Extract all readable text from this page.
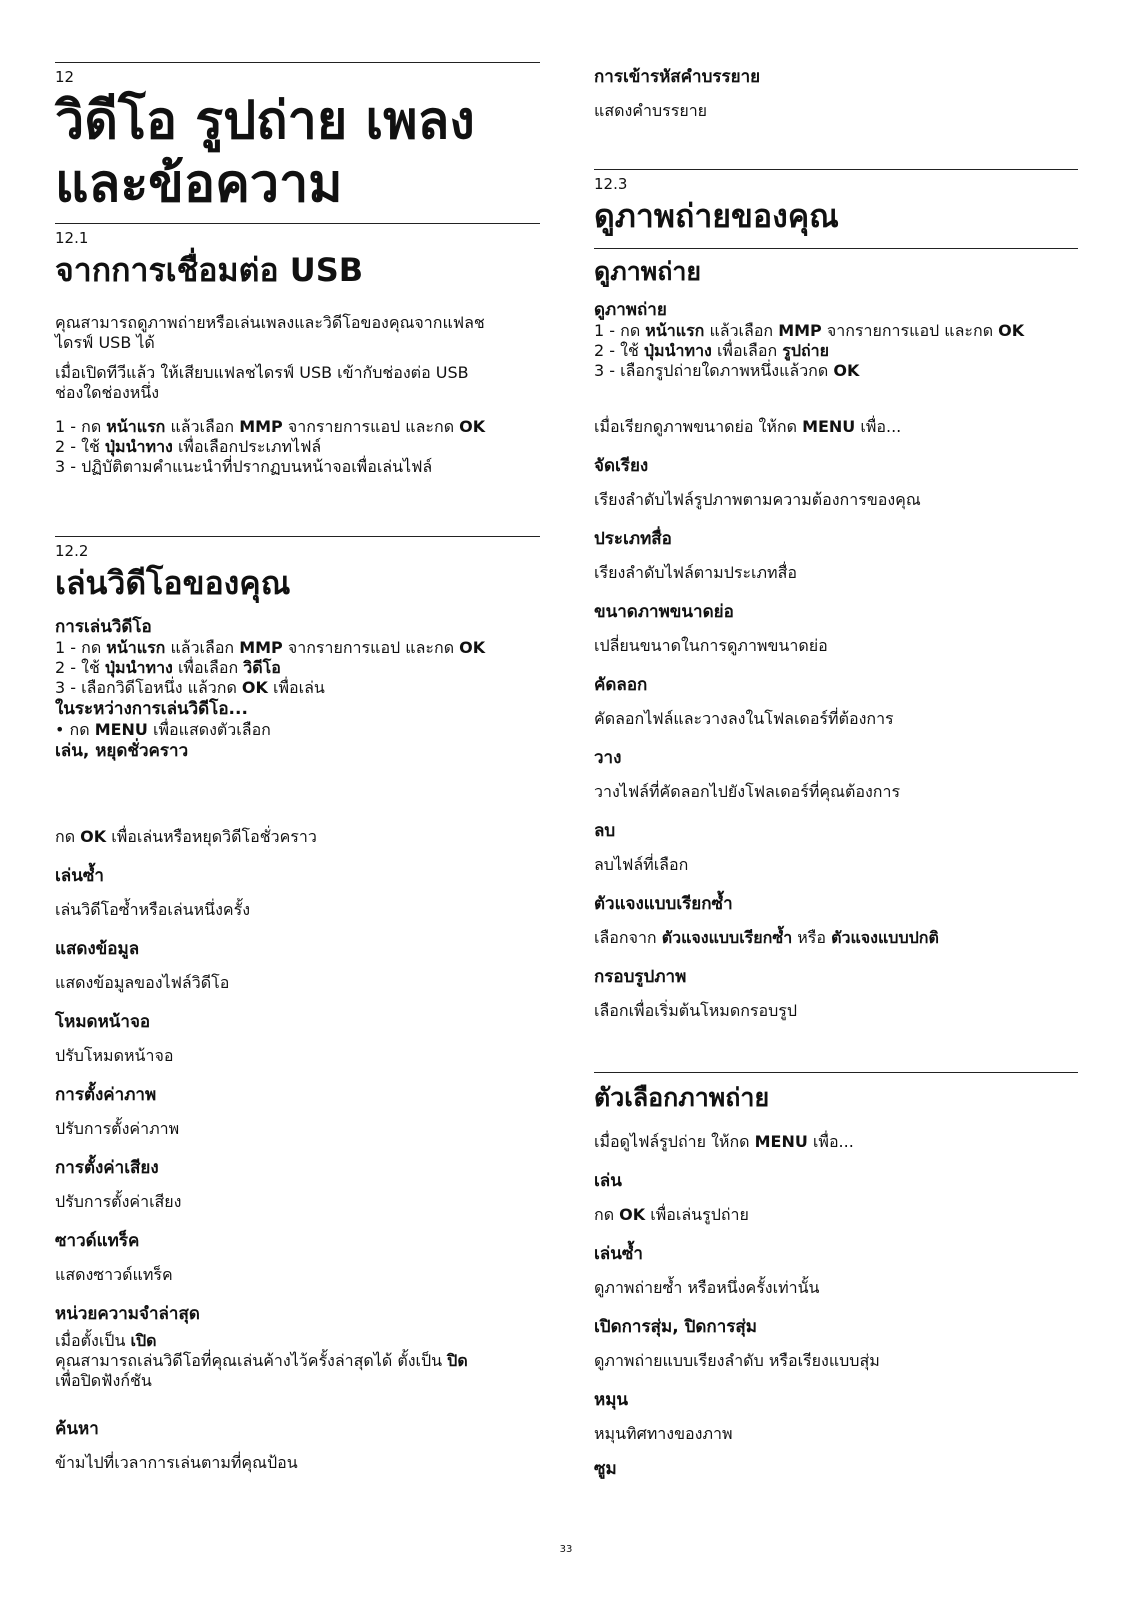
12
วิดีโอ รูปถ่าย เพลง
และข้อความ
12.1
จากการเชื่อมต่อ USB
คุณสามารถดูภาพถ่ายหรือเล่นเพลงและวิดีโอของคุณจากแฟลช
ไดรฟ์ USB ได้
เมื่อเปิดทีวีแล้ว ให้เสียบแฟลชไดรฟ์ USB เข้ากับช่องต่อ USB
ช่องใดช่องหนึ่ง
1 - กด หน้าแรก แล้วเลือก MMP จากรายการแอป และกด OK
2 - ใช้ ปุ่มนำทาง เพื่อเลือกประเภทไฟล์
3 - ปฏิบัติตามคำแนะนำที่ปรากฏบนหน้าจอเพื่อเล่นไฟล์
12.2
เล่นวิดีโอของคุณ
การเล่นวิดีโอ
1 - กด หน้าแรก แล้วเลือก MMP จากรายการแอป และกด OK
2 - ใช้ ปุ่มนำทาง เพื่อเลือก วิดีโอ
3 - เลือกวิดีโอหนึ่ง แล้วกด OK เพื่อเล่น
ในระหว่างการเล่นวิดีโอ...
• กด MENU เพื่อแสดงตัวเลือก
เล่น, หยุดชั่วคราว
กด OK เพื่อเล่นหรือหยุดวิดีโอชั่วคราว
เล่นซ้ำ
เล่นวิดีโอซ้ำหรือเล่นหนึ่งครั้ง
แสดงข้อมูล
แสดงข้อมูลของไฟล์วิดีโอ
โหมดหน้าจอ
ปรับโหมดหน้าจอ
การตั้งค่าภาพ
ปรับการตั้งค่าภาพ
การตั้งค่าเสียง
ปรับการตั้งค่าเสียง
ซาวด์แทร็ค
แสดงซาวด์แทร็ค
หน่วยความจำล่าสุด
เมื่อตั้งเป็น เปิด
คุณสามารถเล่นวิดีโอที่คุณเล่นค้างไว้ครั้งล่าสุดได้ ตั้งเป็น ปิด
เพื่อปิดฟังก์ชัน
ค้นหา
ข้ามไปที่เวลาการเล่นตามที่คุณป้อน
การเข้ารหัสคำบรรยาย
แสดงคำบรรยาย
12.3
ดูภาพถ่ายของคุณ
ดูภาพถ่าย
ดูภาพถ่าย
1 - กด หน้าแรก แล้วเลือก MMP จากรายการแอป และกด OK
2 - ใช้ ปุ่มนำทาง เพื่อเลือก รูปถ่าย
3 - เลือกรูปถ่ายใดภาพหนึ่งแล้วกด OK
เมื่อเรียกดูภาพขนาดย่อ ให้กด MENU เพื่อ...
จัดเรียง
เรียงลำดับไฟล์รูปภาพตามความต้องการของคุณ
ประเภทสื่อ
เรียงลำดับไฟล์ตามประเภทสื่อ
ขนาดภาพขนาดย่อ
เปลี่ยนขนาดในการดูภาพขนาดย่อ
คัดลอก
คัดลอกไฟล์และวางลงในโฟลเดอร์ที่ต้องการ
วาง
วางไฟล์ที่คัดลอกไปยังโฟลเดอร์ที่คุณต้องการ
ลบ
ลบไฟล์ที่เลือก
ตัวแจงแบบเรียกซ้ำ
เลือกจาก ตัวแจงแบบเรียกซ้ำ หรือ ตัวแจงแบบปกติ
กรอบรูปภาพ
เลือกเพื่อเริ่มต้นโหมดกรอบรูป
ตัวเลือกภาพถ่าย
เมื่อดูไฟล์รูปถ่าย ให้กด MENU เพื่อ...
เล่น
กด OK เพื่อเล่นรูปถ่าย
เล่นซ้ำ
ดูภาพถ่ายซ้ำ หรือหนึ่งครั้งเท่านั้น
เปิดการสุ่ม, ปิดการสุ่ม
ดูภาพถ่ายแบบเรียงลำดับ หรือเรียงแบบสุ่ม
หมุน
หมุนทิศทางของภาพ
ซูม
33
